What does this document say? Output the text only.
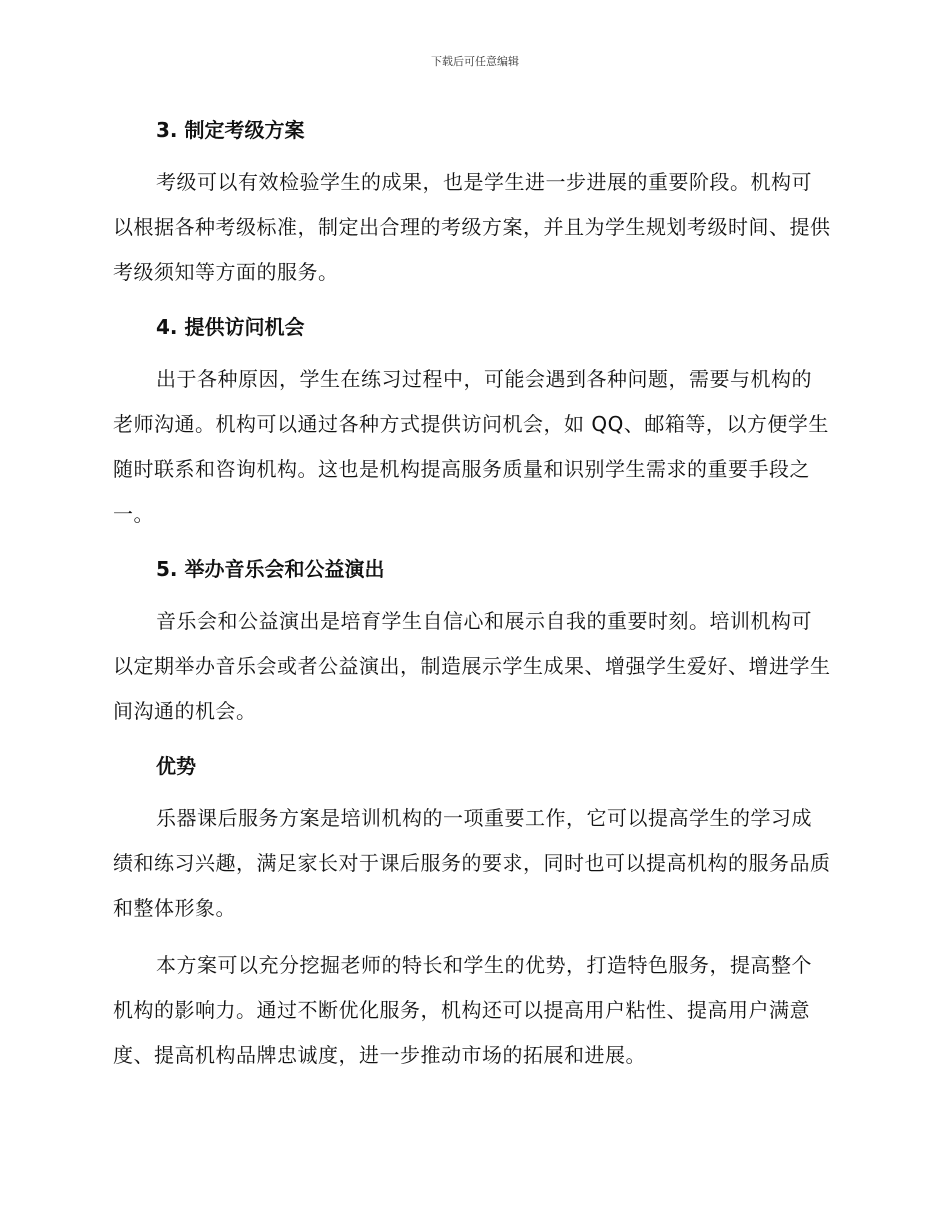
下载后可任意编辑
3. 制定考级方案

考级可以有效检验学生的成果，也是学生进一步进展的重要阶段。机构可以根据各种考级标准，制定出合理的考级方案，并且为学生规划考级时间、提供考级须知等方面的服务。

4. 提供访问机会

出于各种原因，学生在练习过程中，可能会遇到各种问题，需要与机构的老师沟通。机构可以通过各种方式提供访问机会，如 QQ、邮箱等，以方便学生随时联系和咨询机构。这也是机构提高服务质量和识别学生需求的重要手段之一。

5. 举办音乐会和公益演出

音乐会和公益演出是培育学生自信心和展示自我的重要时刻。培训机构可以定期举办音乐会或者公益演出，制造展示学生成果、增强学生爱好、增进学生间沟通的机会。

优势

乐器课后服务方案是培训机构的一项重要工作，它可以提高学生的学习成绩和练习兴趣，满足家长对于课后服务的要求，同时也可以提高机构的服务品质和整体形象。

本方案可以充分挖掘老师的特长和学生的优势，打造特色服务，提高整个机构的影响力。通过不断优化服务，机构还可以提高用户粘性、提高用户满意度、提高机构品牌忠诚度，进一步推动市场的拓展和进展。
